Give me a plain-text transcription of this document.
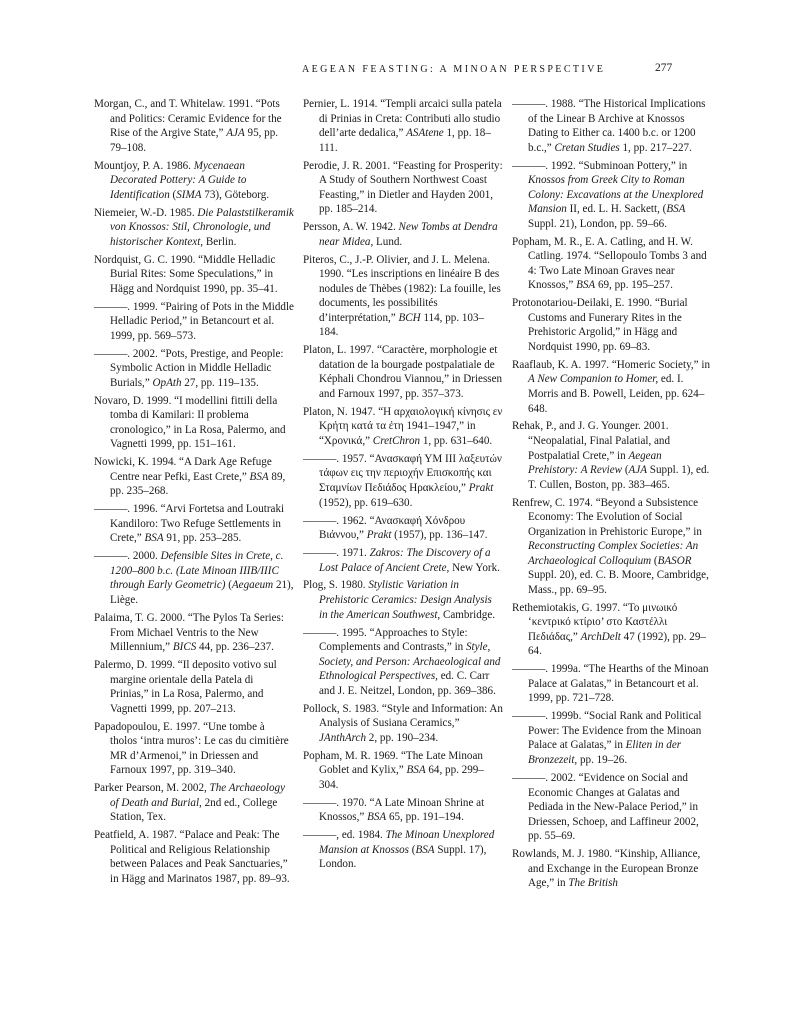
AEGEAN FEASTING: A MINOAN PERSPECTIVE	277

Morgan, C., and T. Whitelaw. 1991. “Pots and Politics: Ceramic Evidence for the Rise of the Argive State,” AJA 95, pp. 79–108.

Mountjoy, P. A. 1986. Mycenaean Decorated Pottery: A Guide to Identification (SIMA 73), Göteborg.

Niemeier, W.-D. 1985. Die Palaststilkeramik von Knossos: Stil, Chronologie, und historischer Kontext, Berlin.

Nordquist, G. C. 1990. “Middle Helladic Burial Rites: Some Speculations,” in Hägg and Nordquist 1990, pp. 35–41.

———. 1999. “Pairing of Pots in the Middle Helladic Period,” in Betancourt et al. 1999, pp. 569–573.

———. 2002. “Pots, Prestige, and People: Symbolic Action in Middle Helladic Burials,” OpAth 27, pp. 119–135.

Novaro, D. 1999. “I modellini fittili della tomba di Kamilari: Il problema cronologico,” in La Rosa, Palermo, and Vagnetti 1999, pp. 151–161.

Nowicki, K. 1994. “A Dark Age Refuge Centre near Pefki, East Crete,” BSA 89, pp. 235–268.

———. 1996. “Arvi Fortetsa and Loutraki Kandiloro: Two Refuge Settlements in Crete,” BSA 91, pp. 253–285.

———. 2000. Defensible Sites in Crete, c. 1200–800 b.c. (Late Minoan IIIB/IIIC through Early Geometric) (Aegaeum 21), Liège.

Palaima, T. G. 2000. “The Pylos Ta Series: From Michael Ventris to the New Millennium,” BICS 44, pp. 236–237.

Palermo, D. 1999. “Il deposito votivo sul margine orientale della Patela di Prinias,” in La Rosa, Palermo, and Vagnetti 1999, pp. 207–213.

Papadopoulou, E. 1997. “Une tombe à tholos ‘intra muros’: Le cas du cimitière MR d’Armenoi,” in Driessen and Farnoux 1997, pp. 319–340.

Parker Pearson, M. 2002, The Archaeology of Death and Burial, 2nd ed., College Station, Tex.

Peatfield, A. 1987. “Palace and Peak: The Political and Religious Relationship between Palaces and Peak Sanctuaries,” in Hägg and Marinatos 1987, pp. 89–93.

Pernier, L. 1914. “Templi arcaici sulla patela di Prinias in Creta: Contributi allo studio dell’arte dedalica,” ASAtene 1, pp. 18–111.

Perodie, J. R. 2001. “Feasting for Prosperity: A Study of Southern Northwest Coast Feasting,” in Dietler and Hayden 2001, pp. 185–214.

Persson, A. W. 1942. New Tombs at Dendra near Midea, Lund.

Piteros, C., J.-P. Olivier, and J. L. Melena. 1990. “Les inscriptions en linéaire B des nodules de Thèbes (1982): La fouille, les documents, les possibilités d’interprétation,” BCH 114, pp. 103–184.

Platon, L. 1997. “Caractère, morphologie et datation de la bourgade postpalatiale de Képhali Chondrou Viannou,” in Driessen and Farnoux 1997, pp. 357–373.

Platon, N. 1947. “Η αρχαιολογική κίνησις εν Κρήτη κατά τα έτη 1941–1947,” in “Χρονικά,” CretChron 1, pp. 631–640.

———. 1957. “Ανασκαφή ΥΜ ΙΙΙ λαξευτών τάφων εις την περιοχήν Επισκοπής και Σταμνίων Πεδιάδος Ηρακλείου,” Prakt (1952), pp. 619–630.

———. 1962. “Ανασκαφή Χόνδρου Βιάννου,” Prakt (1957), pp. 136–147.

———. 1971. Zakros: The Discovery of a Lost Palace of Ancient Crete, New York.

Plog, S. 1980. Stylistic Variation in Prehistoric Ceramics: Design Analysis in the American Southwest, Cambridge.

———. 1995. “Approaches to Style: Complements and Contrasts,” in Style, Society, and Person: Archaeological and Ethnological Perspectives, ed. C. Carr and J. E. Neitzel, London, pp. 369–386.

Pollock, S. 1983. “Style and Information: An Analysis of Susiana Ceramics,” JAnthArch 2, pp. 190–234.

Popham, M. R. 1969. “The Late Minoan Goblet and Kylix,” BSA 64, pp. 299–304.

———. 1970. “A Late Minoan Shrine at Knossos,” BSA 65, pp. 191–194.

———, ed. 1984. The Minoan Unexplored Mansion at Knossos (BSA Suppl. 17), London.

———. 1988. “The Historical Implications of the Linear B Archive at Knossos Dating to Either ca. 1400 b.c. or 1200 b.c.,” Cretan Studies 1, pp. 217–227.

———. 1992. “Subminoan Pottery,” in Knossos from Greek City to Roman Colony: Excavations at the Unexplored Mansion II, ed. L. H. Sackett, (BSA Suppl. 21), London, pp. 59–66.

Popham, M. R., E. A. Catling, and H. W. Catling. 1974. “Sellopoulo Tombs 3 and 4: Two Late Minoan Graves near Knossos,” BSA 69, pp. 195–257.

Protonotariou-Deilaki, E. 1990. “Burial Customs and Funerary Rites in the Prehistoric Argolid,” in Hägg and Nordquist 1990, pp. 69–83.

Raaflaub, K. A. 1997. “Homeric Society,” in A New Companion to Homer, ed. I. Morris and B. Powell, Leiden, pp. 624–648.

Rehak, P., and J. G. Younger. 2001. “Neopalatial, Final Palatial, and Postpalatial Crete,” in Aegean Prehistory: A Review (AJA Suppl. 1), ed. T. Cullen, Boston, pp. 383–465.

Renfrew, C. 1974. “Beyond a Subsistence Economy: The Evolution of Social Organization in Prehistoric Europe,” in Reconstructing Complex Societies: An Archaeological Colloquium (BASOR Suppl. 20), ed. C. B. Moore, Cambridge, Mass., pp. 69–95.

Rethemiotakis, G. 1997. “Το μινωικό ‘κεντρικό κτίριο’ στο Καστέλλι Πεδιάδας,” ArchDelt 47 (1992), pp. 29–64.

———. 1999a. “The Hearths of the Minoan Palace at Galatas,” in Betancourt et al. 1999, pp. 721–728.

———. 1999b. “Social Rank and Political Power: The Evidence from the Minoan Palace at Galatas,” in Eliten in der Bronzezeit, pp. 19–26.

———. 2002. “Evidence on Social and Economic Changes at Galatas and Pediada in the New-Palace Period,” in Driessen, Schoep, and Laffineur 2002, pp. 55–69.

Rowlands, M. J. 1980. “Kinship, Alliance, and Exchange in the European Bronze Age,” in The British
